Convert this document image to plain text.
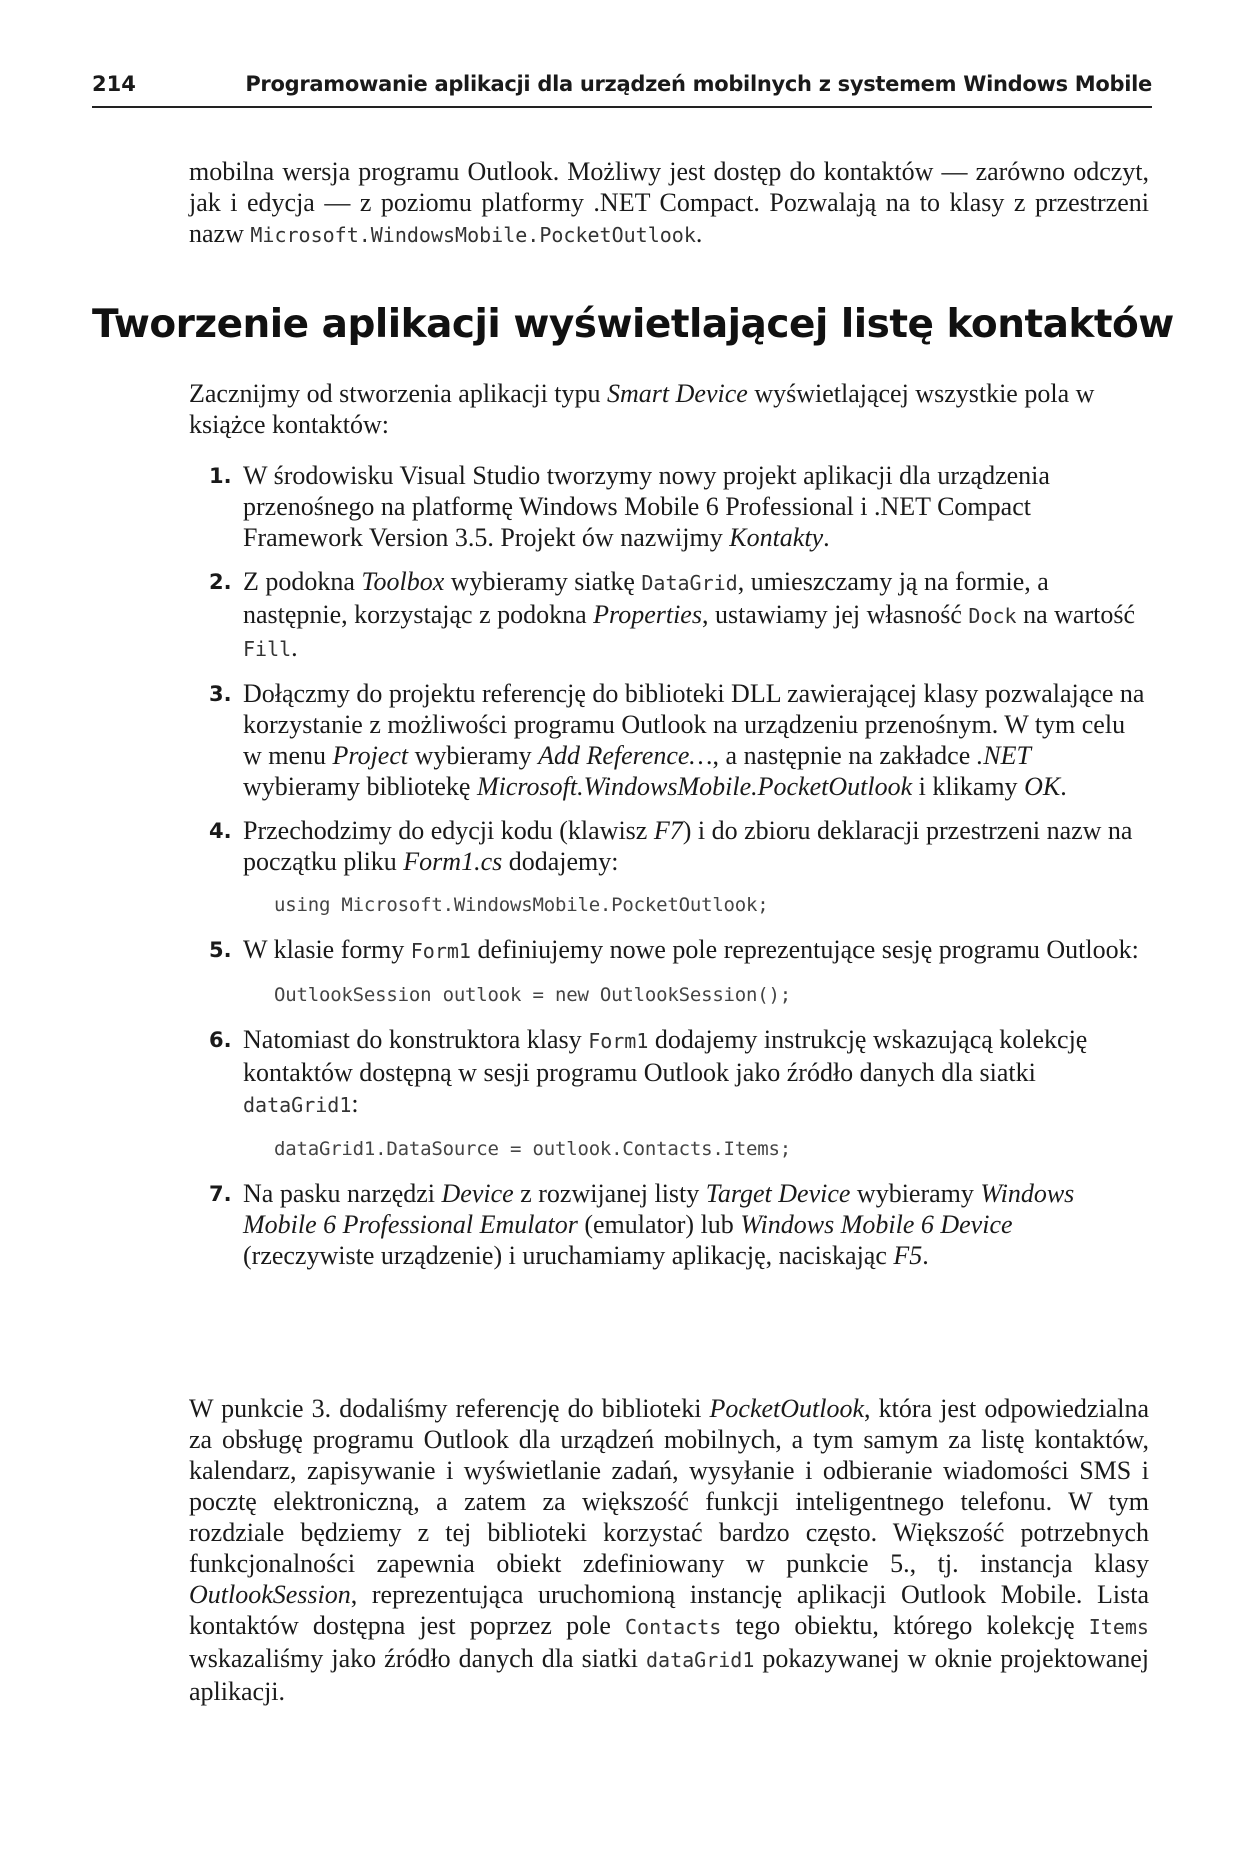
214	Programowanie aplikacji dla urządzeń mobilnych z systemem Windows Mobile

mobilna wersja programu Outlook. Możliwy jest dostęp do kontaktów — zarówno odczyt, jak i edycja — z poziomu platformy .NET Compact. Pozwalają na to klasy z przestrzeni nazw Microsoft.WindowsMobile.PocketOutlook.

Tworzenie aplikacji wyświetlającej listę kontaktów

Zacznijmy od stworzenia aplikacji typu Smart Device wyświetlającej wszystkie pola w książce kontaktów:

1. W środowisku Visual Studio tworzymy nowy projekt aplikacji dla urządzenia przenośnego na platformę Windows Mobile 6 Professional i .NET Compact Framework Version 3.5. Projekt ów nazwijmy Kontakty.
2. Z podokna Toolbox wybieramy siatkę DataGrid, umieszczamy ją na formie, a następnie, korzystając z podokna Properties, ustawiamy jej własność Dock na wartość Fill.
3. Dołączmy do projektu referencję do biblioteki DLL zawierającej klasy pozwalające na korzystanie z możliwości programu Outlook na urządzeniu przenośnym. W tym celu w menu Project wybieramy Add Reference…, a następnie na zakładce .NET wybieramy bibliotekę Microsoft.WindowsMobile.PocketOutlook i klikamy OK.
4. Przechodzimy do edycji kodu (klawisz F7) i do zbioru deklaracji przestrzeni nazw na początku pliku Form1.cs dodajemy:
using Microsoft.WindowsMobile.PocketOutlook;
5. W klasie formy Form1 definiujemy nowe pole reprezentujące sesję programu Outlook:
OutlookSession outlook = new OutlookSession();
6. Natomiast do konstruktora klasy Form1 dodajemy instrukcję wskazującą kolekcję kontaktów dostępną w sesji programu Outlook jako źródło danych dla siatki dataGrid1:
dataGrid1.DataSource = outlook.Contacts.Items;
7. Na pasku narzędzi Device z rozwijanej listy Target Device wybieramy Windows Mobile 6 Professional Emulator (emulator) lub Windows Mobile 6 Device (rzeczywiste urządzenie) i uruchamiamy aplikację, naciskając F5.

W punkcie 3. dodaliśmy referencję do biblioteki PocketOutlook, która jest odpowiedzialna za obsługę programu Outlook dla urządzeń mobilnych, a tym samym za listę kontaktów, kalendarz, zapisywanie i wyświetlanie zadań, wysyłanie i odbieranie wiadomości SMS i pocztę elektroniczną, a zatem za większość funkcji inteligentnego telefonu. W tym rozdziale będziemy z tej biblioteki korzystać bardzo często. Większość potrzebnych funkcjonalności zapewnia obiekt zdefiniowany w punkcie 5., tj. instancja klasy OutlookSession, reprezentująca uruchomioną instancję aplikacji Outlook Mobile. Lista kontaktów dostępna jest poprzez pole Contacts tego obiektu, którego kolekcję Items wskazaliśmy jako źródło danych dla siatki dataGrid1 pokazywanej w oknie projektowanej aplikacji.
